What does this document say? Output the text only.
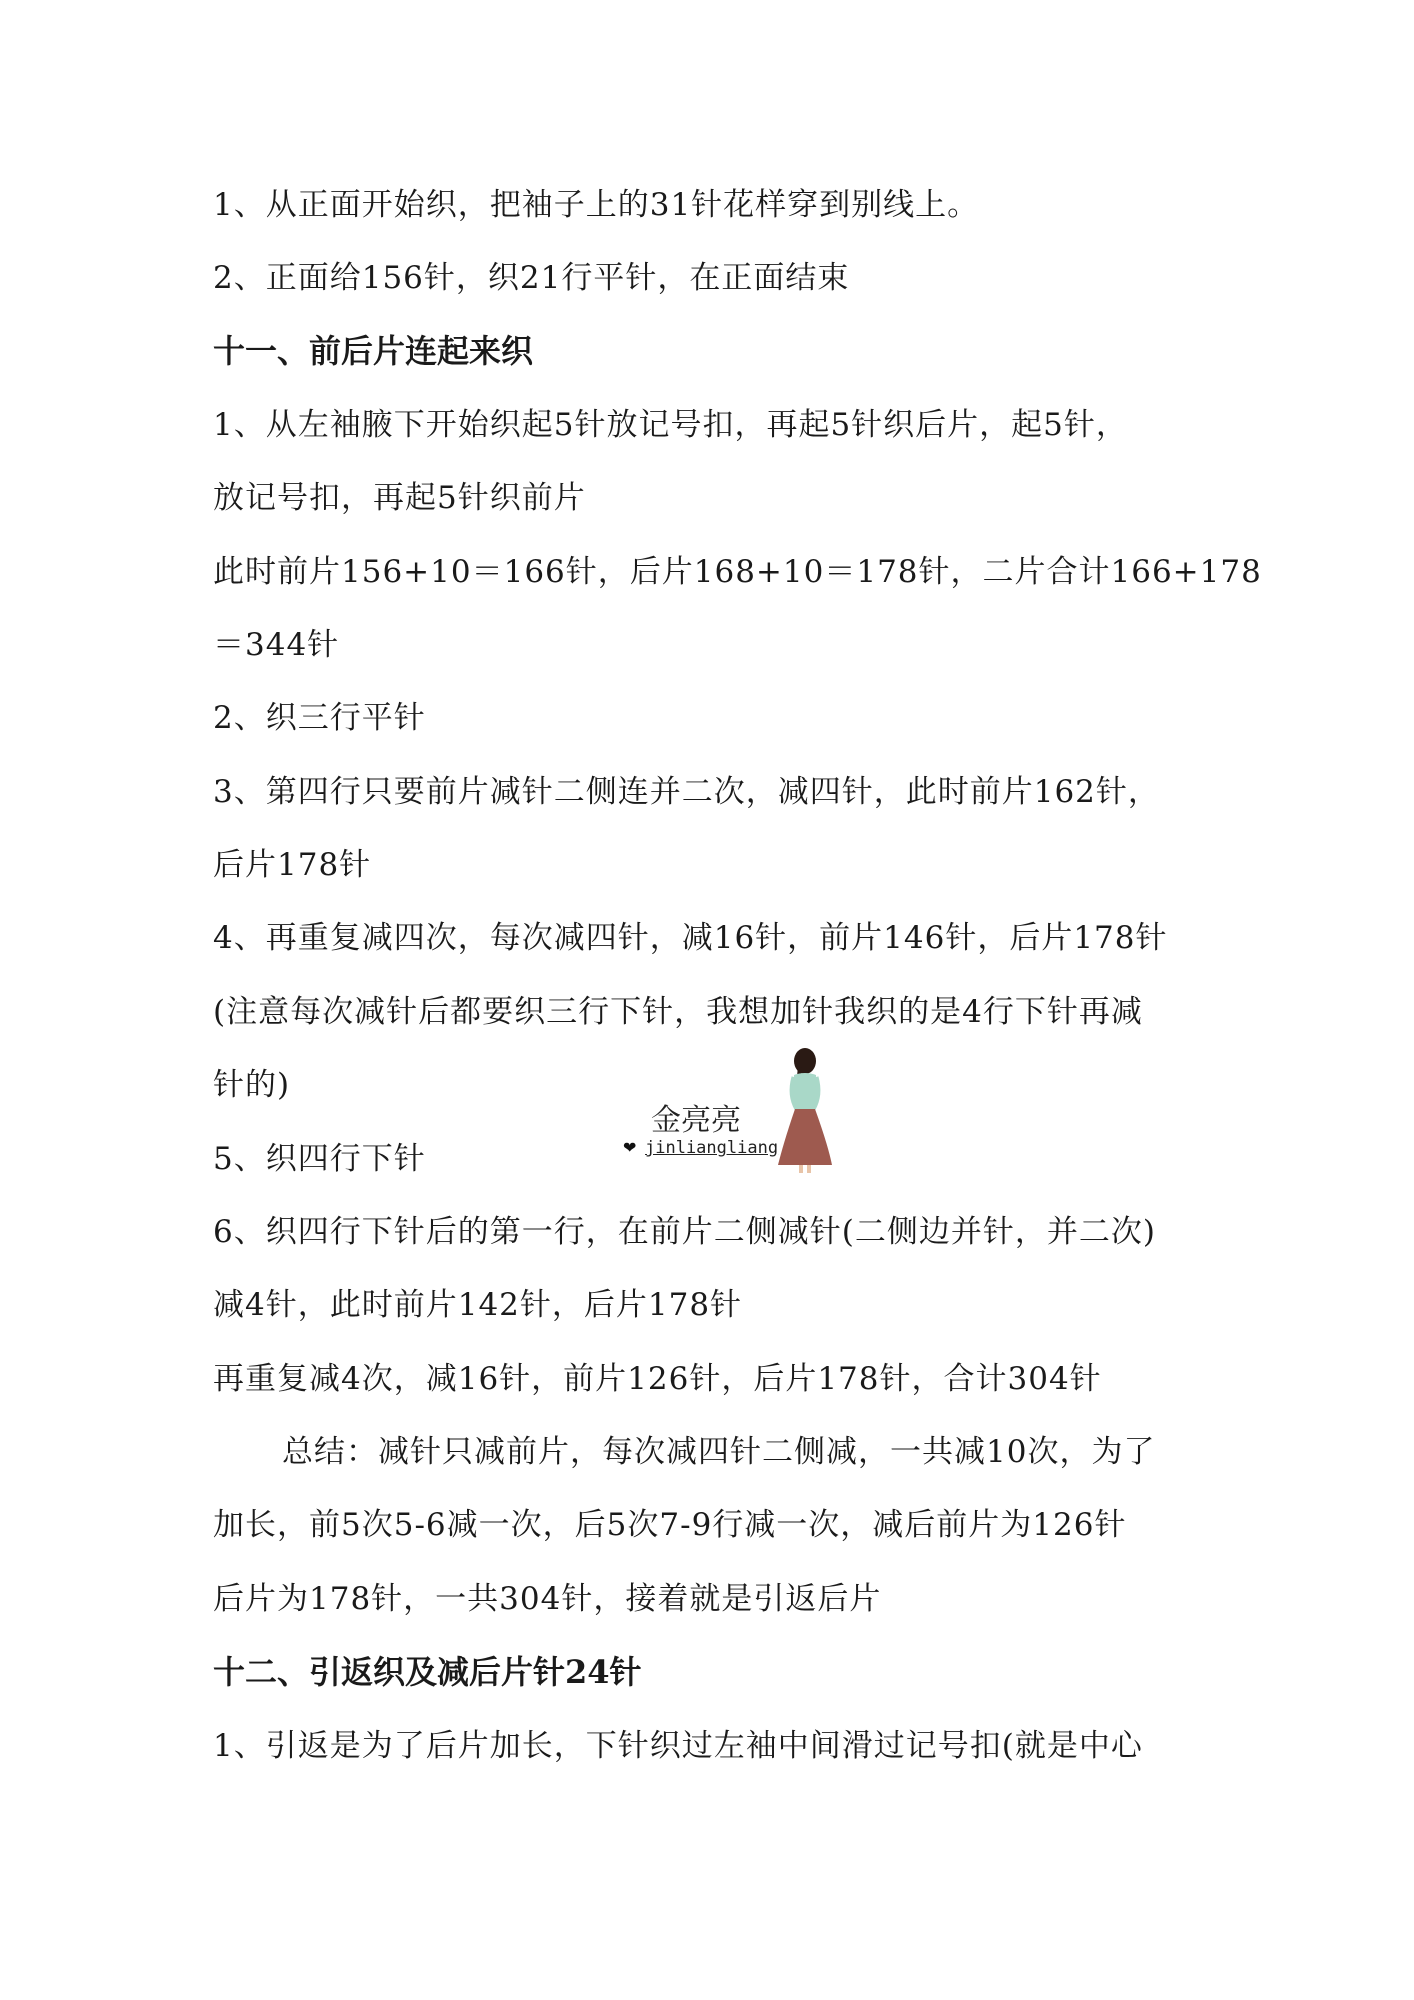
1、从正面开始织，把袖子上的31针花样穿到别线上。
2、正面给156针，织21行平针，在正面结束
十一、前后片连起来织
1、从左袖腋下开始织起5针放记号扣，再起5针织后片，起5针，
放记号扣，再起5针织前片
此时前片156+10＝166针，后片168+10＝178针，二片合计166+178
＝344针
2、织三行平针
3、第四行只要前片减针二侧连并二次，减四针，此时前片162针，
后片178针
4、再重复减四次，每次减四针，减16针，前片146针，后片178针
(注意每次减针后都要织三行下针，我想加针我织的是4行下针再减
针的)
5、织四行下针
6、织四行下针后的第一行，在前片二侧减针(二侧边并针，并二次)
减4针，此时前片142针，后片178针
再重复减4次，减16针，前片126针，后片178针，合计304针
总结：减针只减前片，每次减四针二侧减，一共减10次，为了
加长，前5次5-6减一次，后5次7-9行减一次，减后前片为126针
后片为178针，一共304针，接着就是引返后片
十二、引返织及减后片针24针
1、引返是为了后片加长，下针织过左袖中间滑过记号扣(就是中心
金亮亮
❤ jinliangliang
